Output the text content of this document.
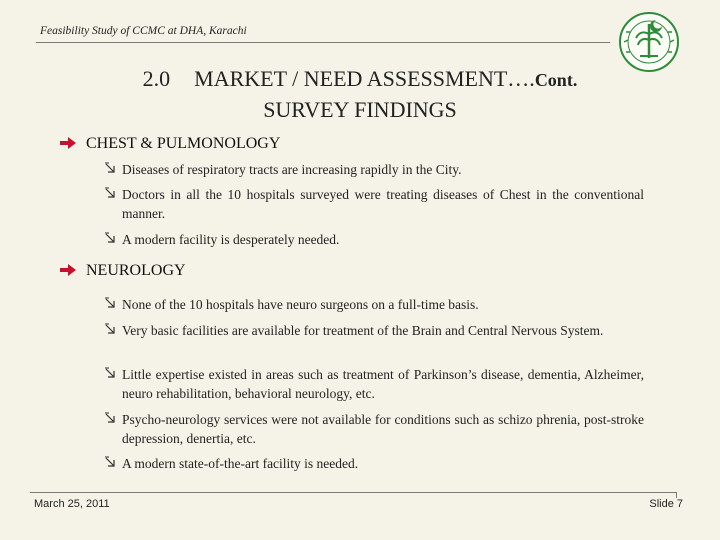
Feasibility Study of CCMC at DHA, Karachi
2.0 MARKET / NEED ASSESSMENT….Cont.
SURVEY FINDINGS
CHEST & PULMONOLOGY
Diseases of respiratory tracts are increasing rapidly in the City.
Doctors in all the 10 hospitals surveyed were treating diseases of Chest in the conventional manner.
A modern facility is desperately needed.
NEUROLOGY
None of the 10 hospitals have neuro surgeons on a full-time basis.
Very basic facilities are available for treatment of the Brain and Central Nervous System.
Little expertise existed in areas such as treatment of Parkinson’s disease, dementia, Alzheimer, neuro rehabilitation, behavioral neurology, etc.
Psycho-neurology services were not available for conditions such as schizo phrenia, post-stroke depression, denertia, etc.
A modern state-of-the-art facility is needed.
March 25, 2011	Slide 7
